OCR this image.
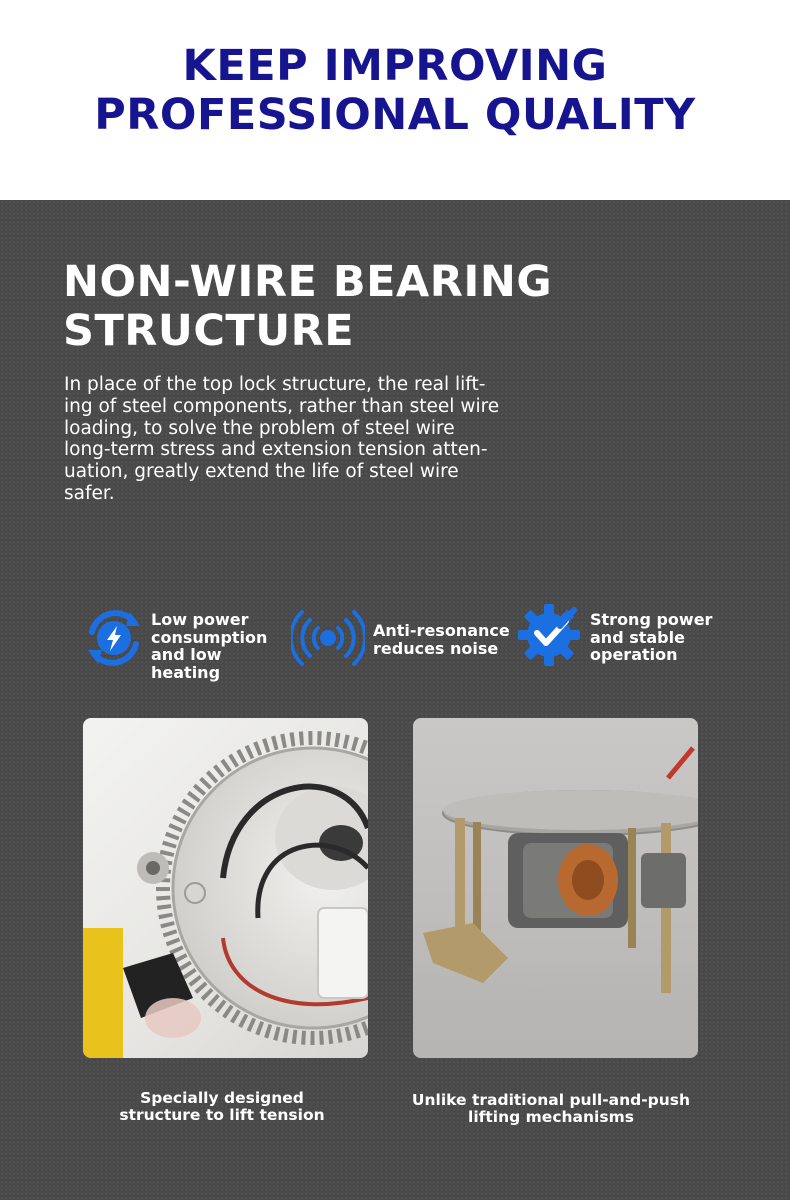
KEEP IMPROVING
PROFESSIONAL QUALITY
NON-WIRE BEARING
STRUCTURE
In place of the top lock structure, the real lift-
ing of steel components, rather than steel wire
loading, to solve the problem of steel wire
long-term stress and extension tension atten-
uation, greatly extend the life of steel wire
safer.
Low power
consumption
and low heating
Anti-resonance
reduces noise
Strong power
and stable
operation
Specially designed
structure to lift tension
Unlike traditional pull-and-push
lifting mechanisms
